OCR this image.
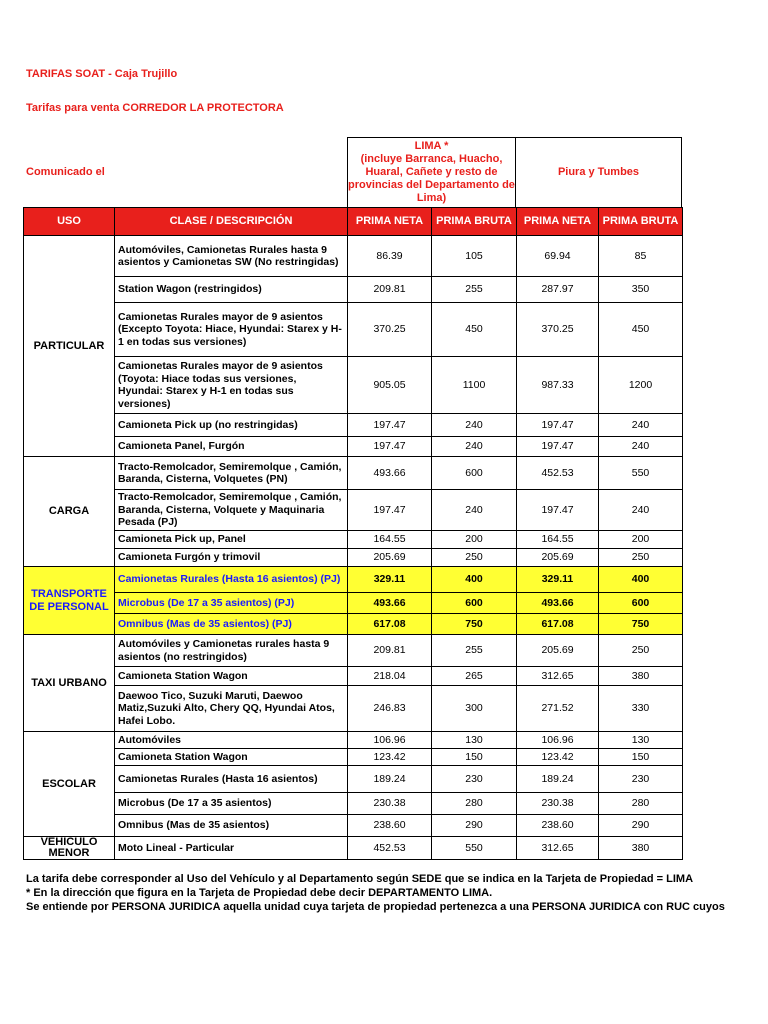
TARIFAS SOAT - Caja Trujillo
Tarifas para venta CORREDOR LA PROTECTORA
Comunicado el
LIMA *
(incluye Barranca, Huacho, Huaral, Cañete y resto de provincias del Departamento de Lima)
Piura y Tumbes
USO	CLASE / DESCRIPCIÓN	PRIMA NETA	PRIMA BRUTA	PRIMA NETA	PRIMA BRUTA
PARTICULAR	Automóviles, Camionetas Rurales hasta 9 asientos y Camionetas SW (No restringidas)	86.39	105	69.94	85
	Station Wagon (restringidos)	209.81	255	287.97	350
	Camionetas Rurales mayor de 9 asientos (Excepto Toyota: Hiace, Hyundai: Starex y H-1 en todas sus versiones)	370.25	450	370.25	450
	Camionetas Rurales mayor de 9 asientos (Toyota: Hiace todas sus versiones, Hyundai: Starex y H-1 en todas sus versiones)	905.05	1100	987.33	1200
	Camioneta Pick up (no restringidas)	197.47	240	197.47	240
	Camioneta Panel, Furgón	197.47	240	197.47	240
CARGA	Tracto-Remolcador, Semiremolque , Camión, Baranda, Cisterna, Volquetes (PN)	493.66	600	452.53	550
	Tracto-Remolcador, Semiremolque , Camión, Baranda, Cisterna, Volquete y Maquinaria Pesada (PJ)	197.47	240	197.47	240
	Camioneta Pick up, Panel	164.55	200	164.55	200
	Camioneta Furgón y trimovil	205.69	250	205.69	250
TRANSPORTE DE PERSONAL	Camionetas Rurales (Hasta 16 asientos) (PJ)	329.11	400	329.11	400
	Microbus (De 17 a 35 asientos) (PJ)	493.66	600	493.66	600
	Omnibus (Mas de 35 asientos) (PJ)	617.08	750	617.08	750
TAXI URBANO	Automóviles y Camionetas rurales hasta 9 asientos (no restringidos)	209.81	255	205.69	250
	Camioneta Station Wagon	218.04	265	312.65	380
	Daewoo Tico, Suzuki Maruti, Daewoo Matiz,Suzuki Alto, Chery QQ, Hyundai Atos, Hafei Lobo.	246.83	300	271.52	330
ESCOLAR	Automóviles	106.96	130	106.96	130
	Camioneta Station Wagon	123.42	150	123.42	150
	Camionetas Rurales (Hasta 16 asientos)	189.24	230	189.24	230
	Microbus (De 17 a 35 asientos)	230.38	280	230.38	280
	Omnibus (Mas de 35 asientos)	238.60	290	238.60	290
VEHICULO MENOR	Moto Lineal - Particular	452.53	550	312.65	380
La tarifa debe corresponder al Uso del Vehículo y al Departamento según SEDE que se indica en la Tarjeta de Propiedad = LIMA
* En la dirección que figura en la Tarjeta de Propiedad debe decir DEPARTAMENTO LIMA.
Se entiende por PERSONA JURIDICA aquella unidad cuya tarjeta de propiedad pertenezca a una PERSONA JURIDICA con RUC cuyos
